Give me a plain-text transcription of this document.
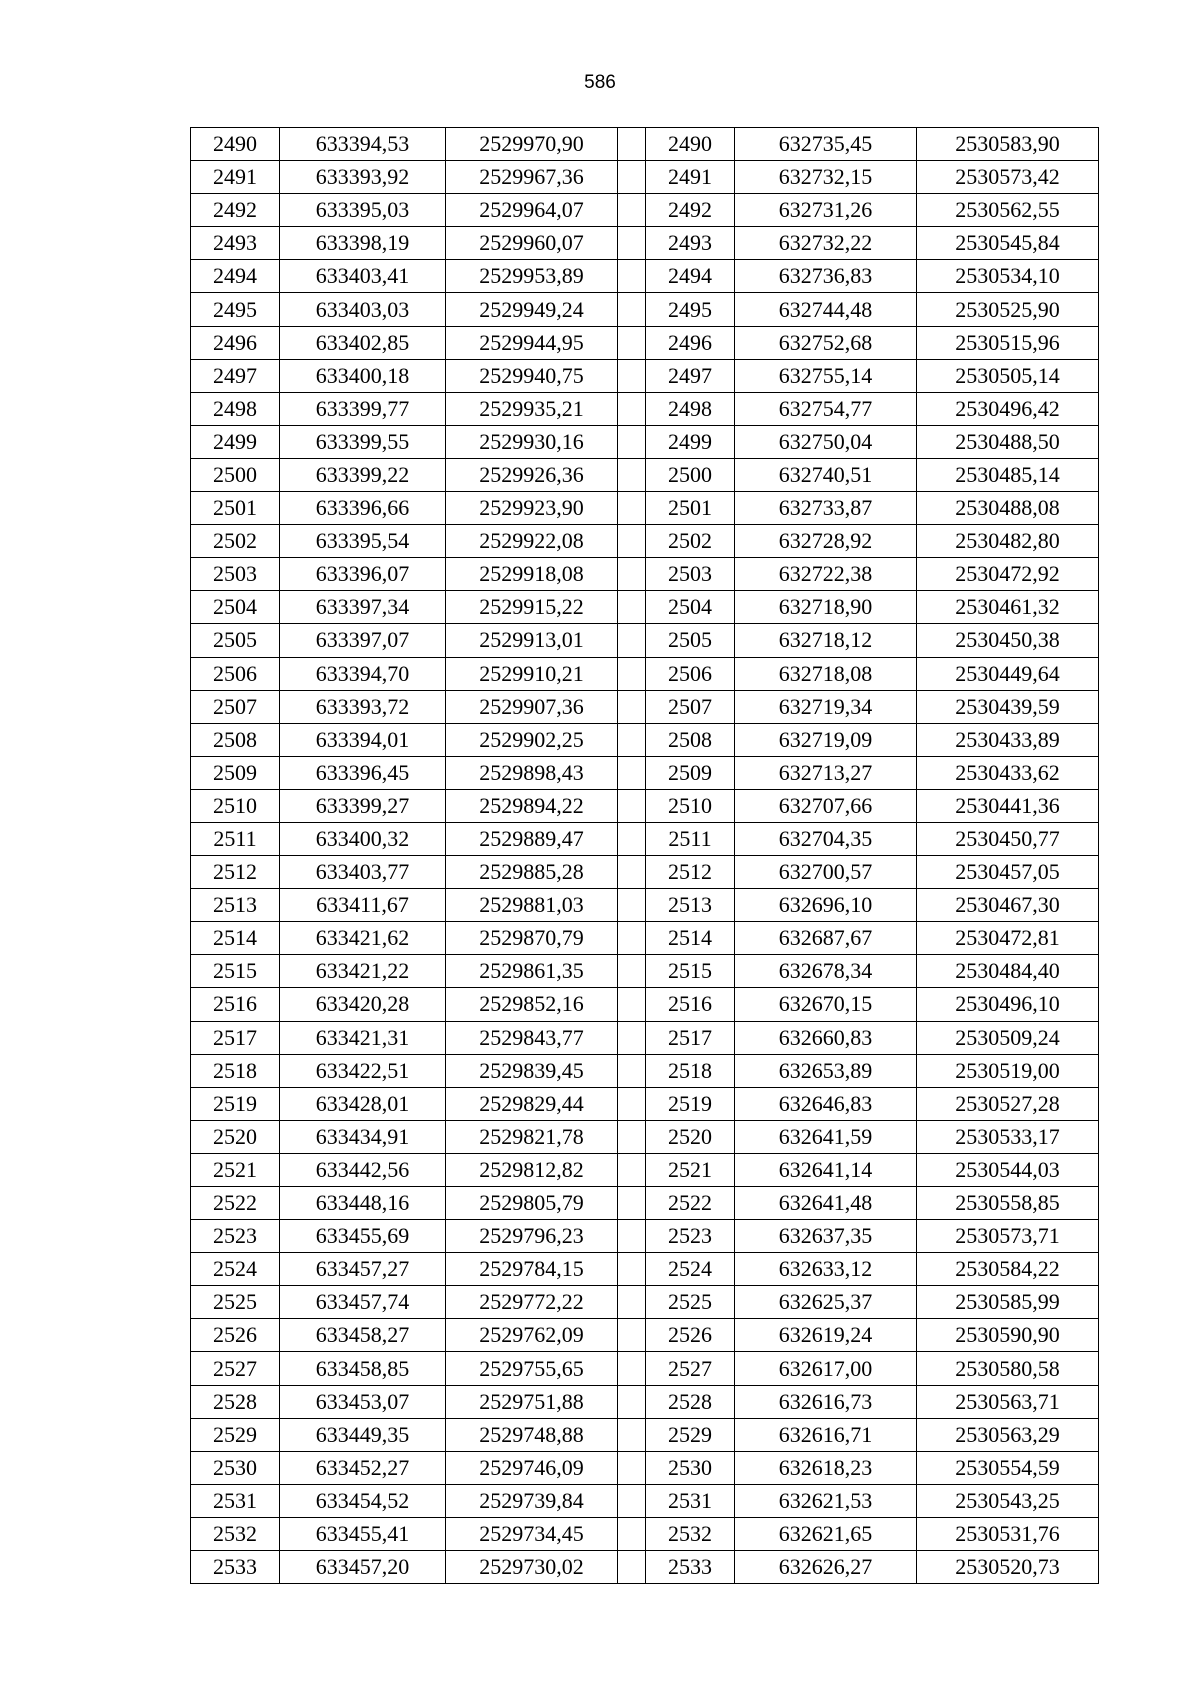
586
2490	633394,53	2529970,90		2490	632735,45	2530583,90
2491	633393,92	2529967,36		2491	632732,15	2530573,42
2492	633395,03	2529964,07		2492	632731,26	2530562,55
2493	633398,19	2529960,07		2493	632732,22	2530545,84
2494	633403,41	2529953,89		2494	632736,83	2530534,10
2495	633403,03	2529949,24		2495	632744,48	2530525,90
2496	633402,85	2529944,95		2496	632752,68	2530515,96
2497	633400,18	2529940,75		2497	632755,14	2530505,14
2498	633399,77	2529935,21		2498	632754,77	2530496,42
2499	633399,55	2529930,16		2499	632750,04	2530488,50
2500	633399,22	2529926,36		2500	632740,51	2530485,14
2501	633396,66	2529923,90		2501	632733,87	2530488,08
2502	633395,54	2529922,08		2502	632728,92	2530482,80
2503	633396,07	2529918,08		2503	632722,38	2530472,92
2504	633397,34	2529915,22		2504	632718,90	2530461,32
2505	633397,07	2529913,01		2505	632718,12	2530450,38
2506	633394,70	2529910,21		2506	632718,08	2530449,64
2507	633393,72	2529907,36		2507	632719,34	2530439,59
2508	633394,01	2529902,25		2508	632719,09	2530433,89
2509	633396,45	2529898,43		2509	632713,27	2530433,62
2510	633399,27	2529894,22		2510	632707,66	2530441,36
2511	633400,32	2529889,47		2511	632704,35	2530450,77
2512	633403,77	2529885,28		2512	632700,57	2530457,05
2513	633411,67	2529881,03		2513	632696,10	2530467,30
2514	633421,62	2529870,79		2514	632687,67	2530472,81
2515	633421,22	2529861,35		2515	632678,34	2530484,40
2516	633420,28	2529852,16		2516	632670,15	2530496,10
2517	633421,31	2529843,77		2517	632660,83	2530509,24
2518	633422,51	2529839,45		2518	632653,89	2530519,00
2519	633428,01	2529829,44		2519	632646,83	2530527,28
2520	633434,91	2529821,78		2520	632641,59	2530533,17
2521	633442,56	2529812,82		2521	632641,14	2530544,03
2522	633448,16	2529805,79		2522	632641,48	2530558,85
2523	633455,69	2529796,23		2523	632637,35	2530573,71
2524	633457,27	2529784,15		2524	632633,12	2530584,22
2525	633457,74	2529772,22		2525	632625,37	2530585,99
2526	633458,27	2529762,09		2526	632619,24	2530590,90
2527	633458,85	2529755,65		2527	632617,00	2530580,58
2528	633453,07	2529751,88		2528	632616,73	2530563,71
2529	633449,35	2529748,88		2529	632616,71	2530563,29
2530	633452,27	2529746,09		2530	632618,23	2530554,59
2531	633454,52	2529739,84		2531	632621,53	2530543,25
2532	633455,41	2529734,45		2532	632621,65	2530531,76
2533	633457,20	2529730,02		2533	632626,27	2530520,73
